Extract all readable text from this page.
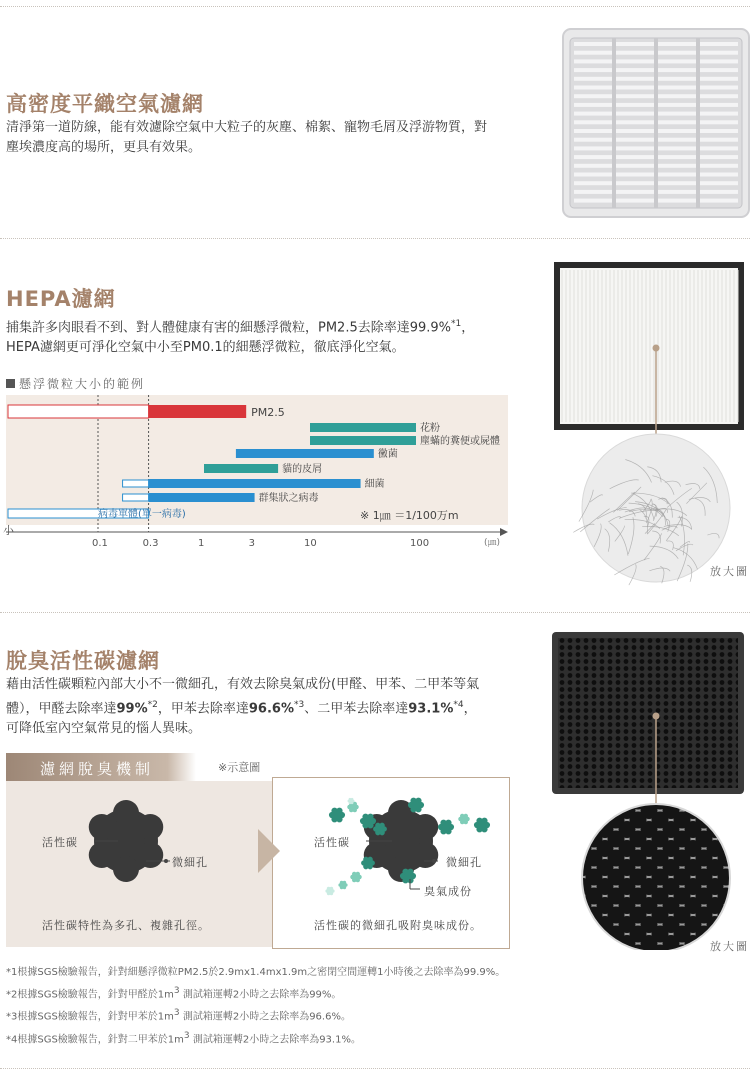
高密度平織空氣濾網
清淨第一道防線，能有效濾除空氣中大粒子的灰塵、棉絮、寵物毛屑及浮游物質，對
塵埃濃度高的場所，更具有效果。
HEPA濾網
捕集許多肉眼看不到、對人體健康有害的細懸浮微粒，PM2.5去除率達99.9%$^{*1}$，
HEPA濾網更可淨化空氣中小至PM0.1的細懸浮微粒，徹底淨化空氣。
懸浮微粒大小的範例
PM2.5
花粉
塵蟎的糞便或屍體
黴菌
貓的皮屑
細菌
群集狀之病毒
病毒單體(單一病毒)
小
0.1	0.3	1	3	10	100	(㎛)
※ 1㎛ ＝1/100万m
放大圖
脫臭活性碳濾網
藉由活性碳顆粒內部大小不一微細孔，有效去除臭氣成份(甲醛、甲苯、二甲苯等氣
體），甲醛去除率達99%$^{*2}$，甲苯去除率達96.6%$^{*3}$、二甲苯去除率達93.1%$^{*4}$，
可降低室內空氣常見的惱人異味。
濾網脫臭機制	※示意圖
活性碳
微細孔
活性碳特性為多孔、複雜孔徑。
活性碳
微細孔
臭氣成份
活性碳的微細孔吸附臭味成份。
放大圖
*1根據SGS檢驗報告，針對細懸浮微粒PM2.5於2.9mx1.4mx1.9m之密閉空間運轉1小時後之去除率為99.9%。
*2根據SGS檢驗報告，針對甲醛於$1m^3$ 測試箱運轉2小時之去除率為99%。
*3根據SGS檢驗報告，針對甲苯於$1m^3$ 測試箱運轉2小時之去除率為96.6%。
*4根據SGS檢驗報告，針對二甲苯於$1m^3$ 測試箱運轉2小時之去除率為93.1%。
